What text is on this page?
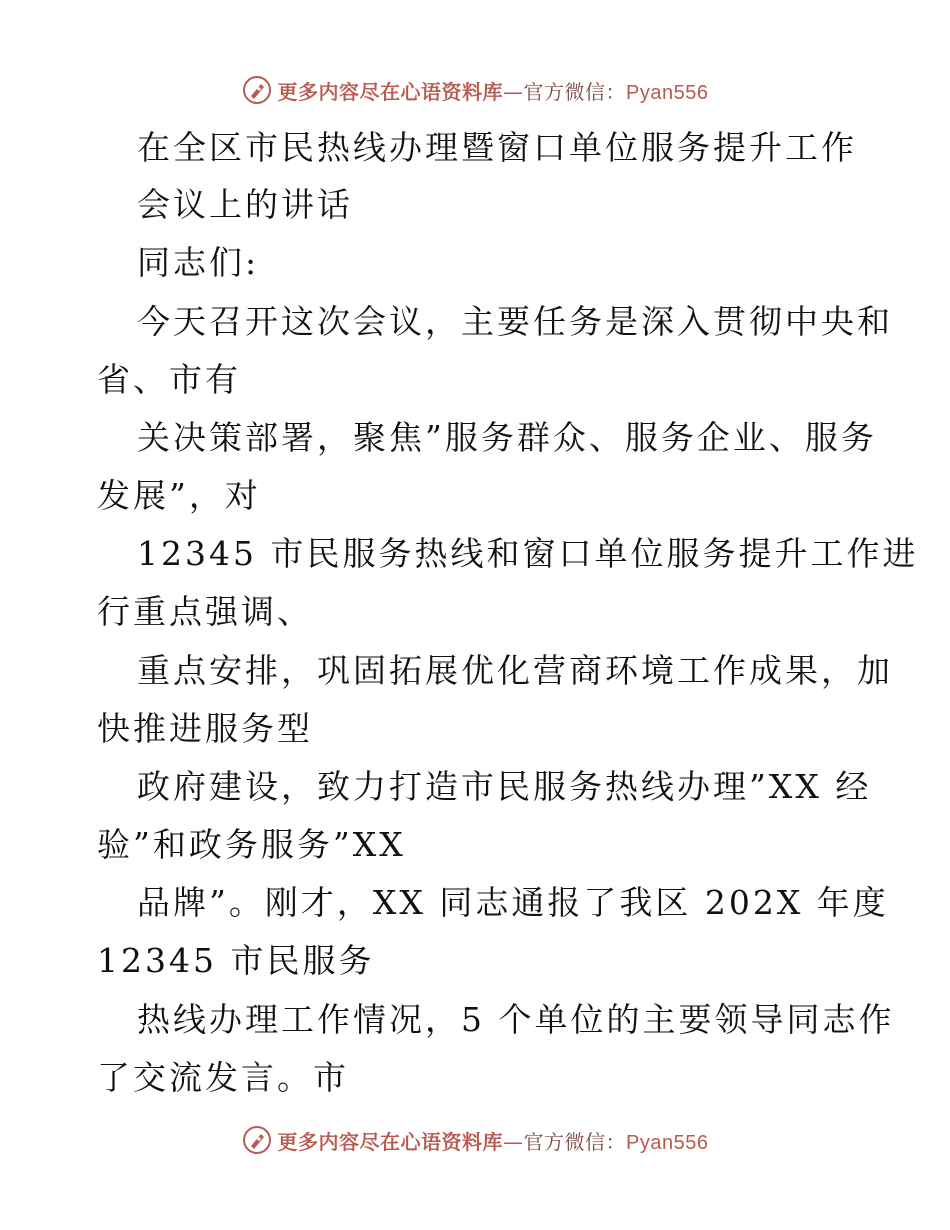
更多内容尽在心语资料库—官方微信：Pyan556
在全区市民热线办理暨窗口单位服务提升工作
会议上的讲话
同志们:
今天召开这次会议，主要任务是深入贯彻中央和
省、市有
关决策部署，聚焦”服务群众、服务企业、服务
发展”，对
12345 市民服务热线和窗口单位服务提升工作进
行重点强调、
重点安排，巩固拓展优化营商环境工作成果，加
快推进服务型
政府建设，致力打造市民服务热线办理”XX 经
验”和政务服务”XX
品牌”。刚才，XX 同志通报了我区 202X 年度
12345 市民服务
热线办理工作情况，5 个单位的主要领导同志作
了交流发言。市
更多内容尽在心语资料库—官方微信：Pyan556
